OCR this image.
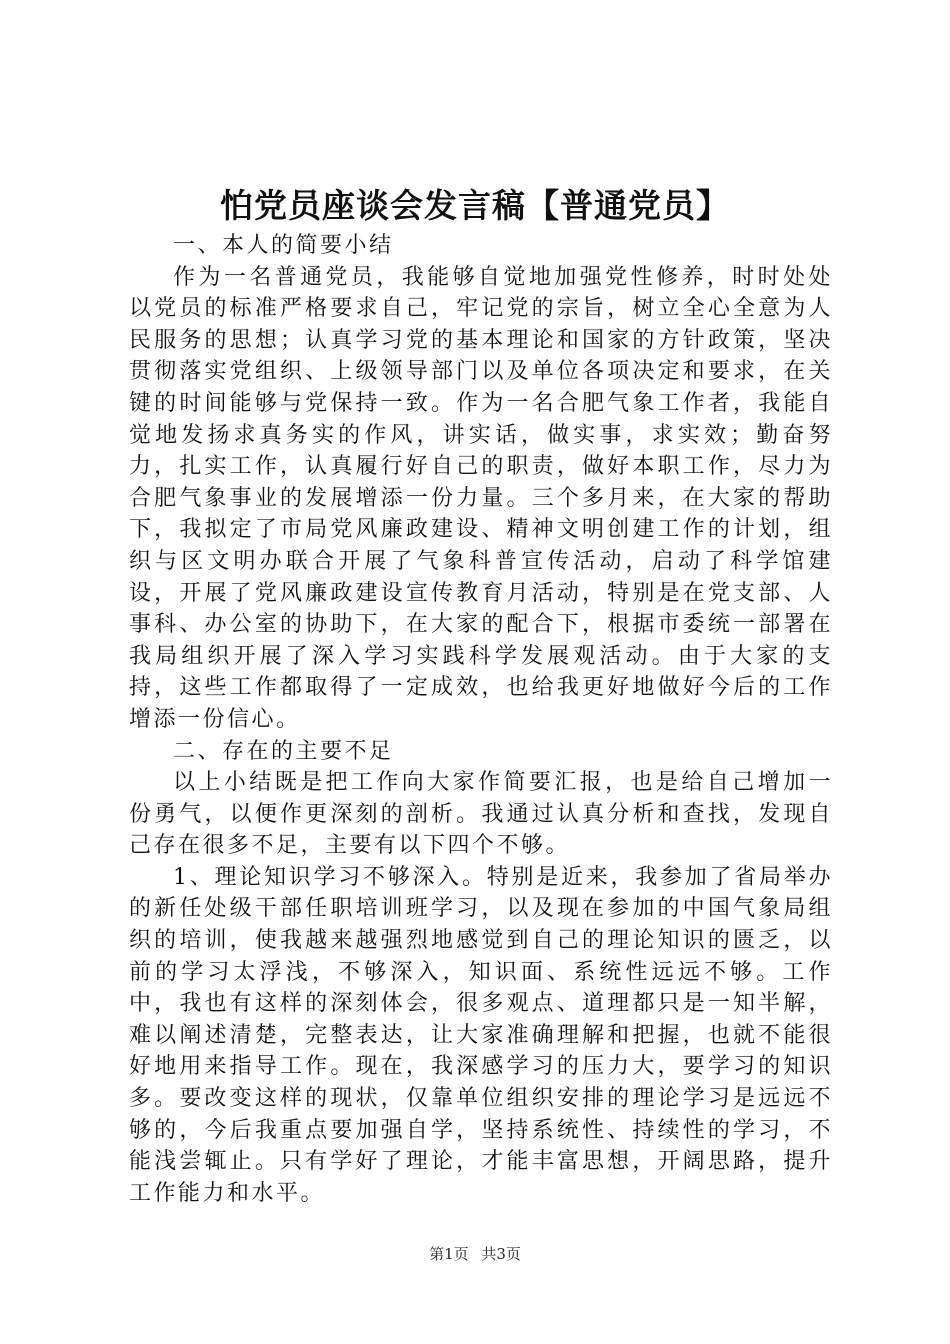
怕党员座谈会发言稿【普通党员】

一、本人的简要小结

作为一名普通党员，我能够自觉地加强党性修养，时时处处以党员的标准严格要求自己，牢记党的宗旨，树立全心全意为人民服务的思想；认真学习党的基本理论和国家的方针政策，坚决贯彻落实党组织、上级领导部门以及单位各项决定和要求，在关键的时间能够与党保持一致。作为一名合肥气象工作者，我能自觉地发扬求真务实的作风，讲实话，做实事，求实效；勤奋努力，扎实工作，认真履行好自己的职责，做好本职工作，尽力为合肥气象事业的发展增添一份力量。三个多月来，在大家的帮助下，我拟定了市局党风廉政建设、精神文明创建工作的计划，组织与区文明办联合开展了气象科普宣传活动，启动了科学馆建设，开展了党风廉政建设宣传教育月活动，特别是在党支部、人事科、办公室的协助下，在大家的配合下，根据市委统一部署在我局组织开展了深入学习实践科学发展观活动。由于大家的支持，这些工作都取得了一定成效，也给我更好地做好今后的工作增添一份信心。

二、存在的主要不足

以上小结既是把工作向大家作简要汇报，也是给自己增加一份勇气，以便作更深刻的剖析。我通过认真分析和查找，发现自己存在很多不足，主要有以下四个不够。

1、理论知识学习不够深入。特别是近来，我参加了省局举办的新任处级干部任职培训班学习，以及现在参加的中国气象局组织的培训，使我越来越强烈地感觉到自己的理论知识的匮乏，以前的学习太浮浅，不够深入，知识面、系统性远远不够。工作中，我也有这样的深刻体会，很多观点、道理都只是一知半解，难以阐述清楚，完整表达，让大家准确理解和把握，也就不能很好地用来指导工作。现在，我深感学习的压力大，要学习的知识多。要改变这样的现状，仅靠单位组织安排的理论学习是远远不够的，今后我重点要加强自学，坚持系统性、持续性的学习，不能浅尝辄止。只有学好了理论，才能丰富思想，开阔思路，提升工作能力和水平。

第1页 共3页
